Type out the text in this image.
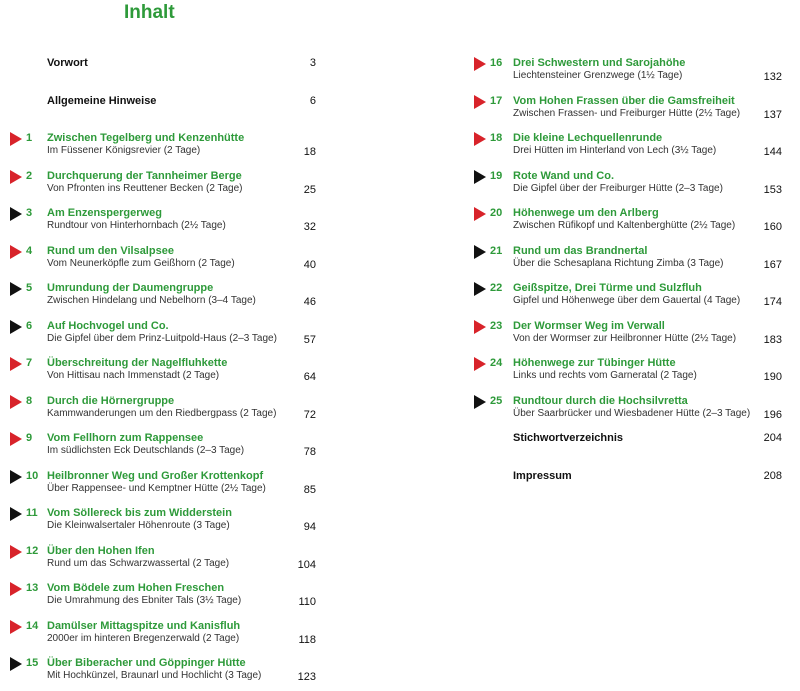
Inhalt
Vorwort	3
Allgemeine Hinweise	6
1 Zwischen Tegelberg und Kenzenhütte
Im Füssener Königsrevier (2 Tage)	18
2 Durchquerung der Tannheimer Berge
Von Pfronten ins Reuttener Becken (2 Tage)	25
3 Am Enzenspergerweg
Rundtour von Hinterhornbach (2½ Tage)	32
4 Rund um den Vilsalpsee
Vom Neunerköpfle zum Geißhorn (2 Tage)	40
5 Umrundung der Daumengruppe
Zwischen Hindelang und Nebelhorn (3–4 Tage)	46
6 Auf Hochvogel und Co.
Die Gipfel über dem Prinz-Luitpold-Haus (2–3 Tage) 57
7 Überschreitung der Nagelfluhkette
Von Hittisau nach Immenstadt (2 Tage)	64
8 Durch die Hörnergruppe
Kammwanderungen um den Riedbergpass (2 Tage) 72
9 Vom Fellhorn zum Rappensee
Im südlichsten Eck Deutschlands (2–3 Tage)	78
10 Heilbronner Weg und Großer Krottenkopf
Über Rappensee- und Kemptner Hütte (2½ Tage)	85
11 Vom Söllereck bis zum Widderstein
Die Kleinwalsertaler Höhenroute (3 Tage)	94
12 Über den Hohen Ifen
Rund um das Schwarzwassertal (2 Tage)	104
13 Vom Bödele zum Hohen Freschen
Die Umrahmung des Ebniter Tals (3½ Tage)	110
14 Damülser Mittagspitze und Kanisfluh
2000er im hinteren Bregenzerwald (2 Tage)	118
15 Über Biberacher und Göppinger Hütte
Mit Hochkünzel, Braunarl und Hochlicht (3 Tage)	123
16 Drei Schwestern und Sarojahöhe
Liechtensteiner Grenzwege (1½ Tage)	132
17 Vom Hohen Frassen über die Gamsfreiheit
Zwischen Frassen- und Freiburger Hütte (2½ Tage) 137
18 Die kleine Lechquellenrunde
Drei Hütten im Hinterland von Lech (3½ Tage)	144
19 Rote Wand und Co.
Die Gipfel über der Freiburger Hütte (2–3 Tage)	153
20 Höhenwege um den Arlberg
Zwischen Rüfikopf und Kaltenberghütte (2½ Tage)	160
21 Rund um das Brandnertal
Über die Schesaplana Richtung Zimba (3 Tage)	167
22 Geißspitze, Drei Türme und Sulzfluh
Gipfel und Höhenwege über dem Gauertal (4 Tage) 174
23 Der Wormser Weg im Verwall
Von der Wormser zur Heilbronner Hütte (2½ Tage)	183
24 Höhenwege zur Tübinger Hütte
Links und rechts vom Garneratal (2 Tage)	190
25 Rundtour durch die Hochsilvretta
Über Saarbrücker und Wiesbadener Hütte (2–3 Tage) 196
Stichwortverzeichnis	204
Impressum	208
